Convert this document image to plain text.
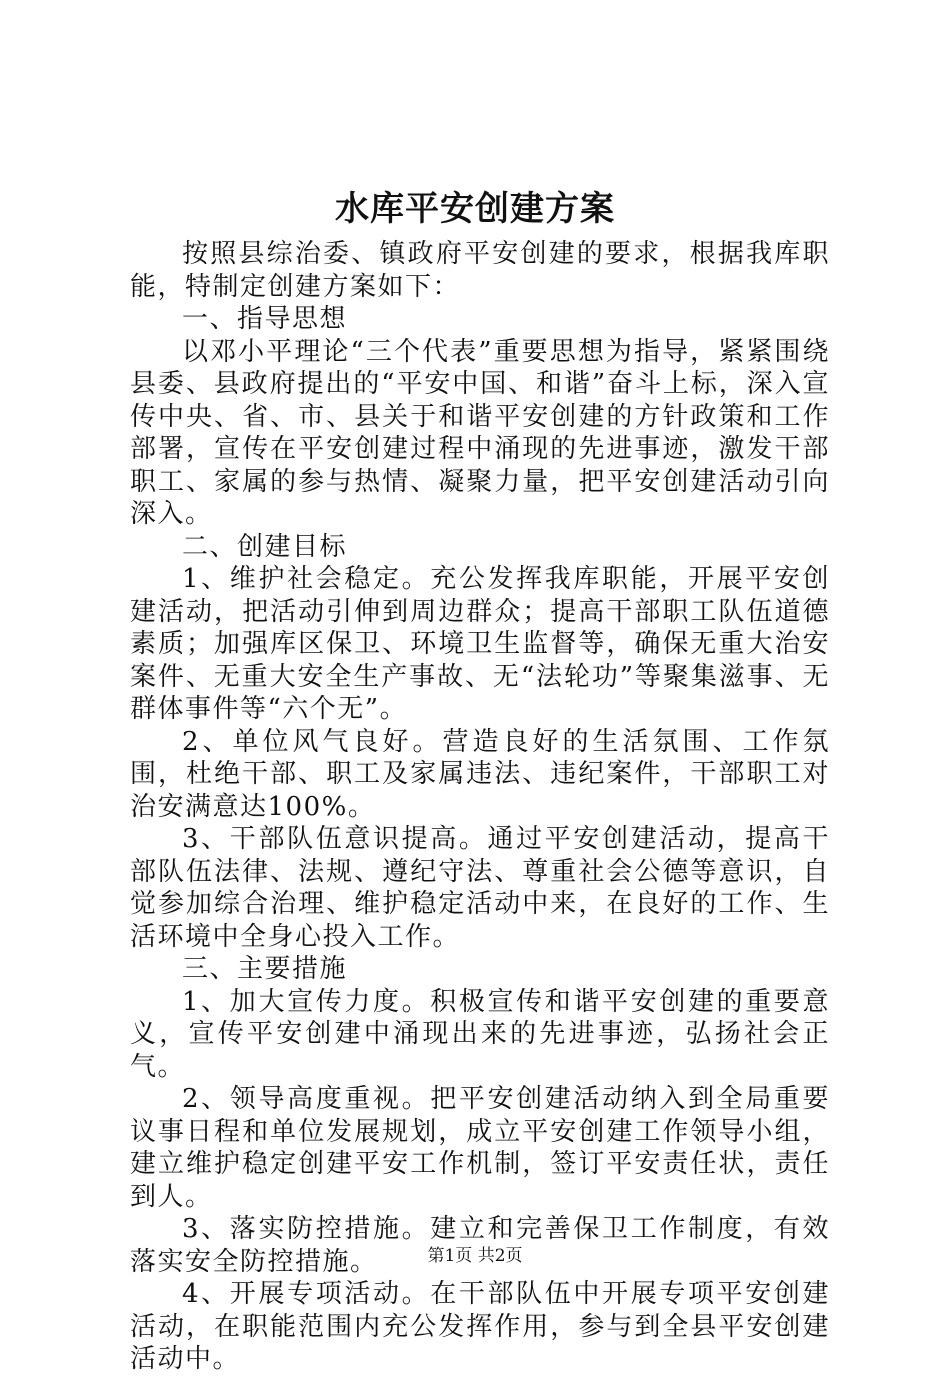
水库平安创建方案

按照县综治委、镇政府平安创建的要求，根据我库职能，特制定创建方案如下：

一、指导思想

以邓小平理论“三个代表”重要思想为指导，紧紧围绕县委、县政府提出的“平安中国、和谐”奋斗上标，深入宣传中央、省、市、县关于和谐平安创建的方针政策和工作部署，宣传在平安创建过程中涌现的先进事迹，激发干部职工、家属的参与热情、凝聚力量，把平安创建活动引向深入。

二、创建目标

1、维护社会稳定。充公发挥我库职能，开展平安创建活动，把活动引伸到周边群众；提高干部职工队伍道德素质；加强库区保卫、环境卫生监督等，确保无重大治安案件、无重大安全生产事故、无“法轮功”等聚集滋事、无群体事件等“六个无”。

2、单位风气良好。营造良好的生活氛围、工作氛围，杜绝干部、职工及家属违法、违纪案件，干部职工对治安满意达100%。

3、干部队伍意识提高。通过平安创建活动，提高干部队伍法律、法规、遵纪守法、尊重社会公德等意识，自觉参加综合治理、维护稳定活动中来，在良好的工作、生活环境中全身心投入工作。

三、主要措施

1、加大宣传力度。积极宣传和谐平安创建的重要意义，宣传平安创建中涌现出来的先进事迹，弘扬社会正气。

2、领导高度重视。把平安创建活动纳入到全局重要议事日程和单位发展规划，成立平安创建工作领导小组，建立维护稳定创建平安工作机制，签订平安责任状，责任到人。

3、落实防控措施。建立和完善保卫工作制度，有效落实安全防控措施。

4、开展专项活动。在干部队伍中开展专项平安创建活动，在职能范围内充公发挥作用，参与到全县平安创建活动中。

第1页 共2页
